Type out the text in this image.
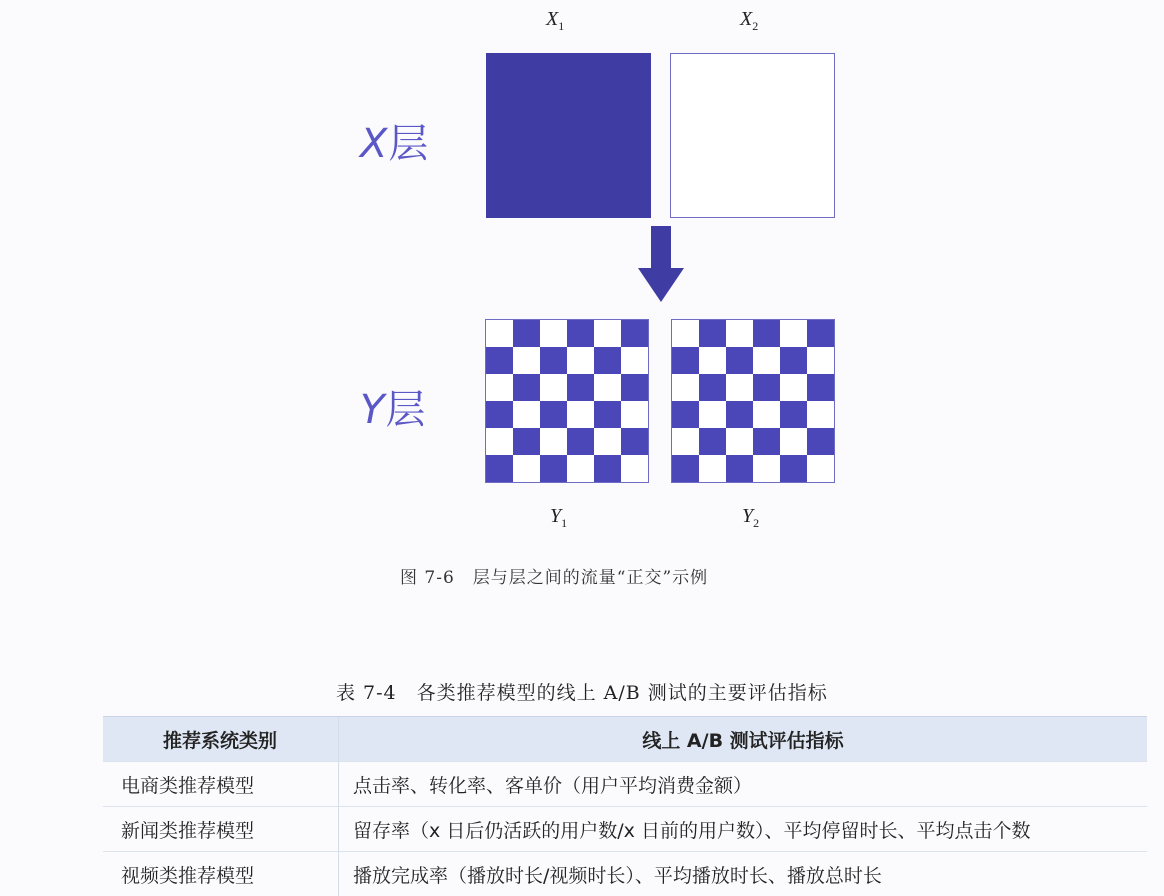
$X_1$	$X_2$
X层
Y层
$Y_1$	$Y_2$
图 7-6　层与层之间的流量“正交”示例
表 7-4　各类推荐模型的线上 A/B 测试的主要评估指标
推荐系统类别	线上 A/B 测试评估指标
电商类推荐模型	点击率、转化率、客单价（用户平均消费金额）
新闻类推荐模型	留存率（x 日后仍活跃的用户数/x 日前的用户数）、平均停留时长、平均点击个数
视频类推荐模型	播放完成率（播放时长/视频时长）、平均播放时长、播放总时长
